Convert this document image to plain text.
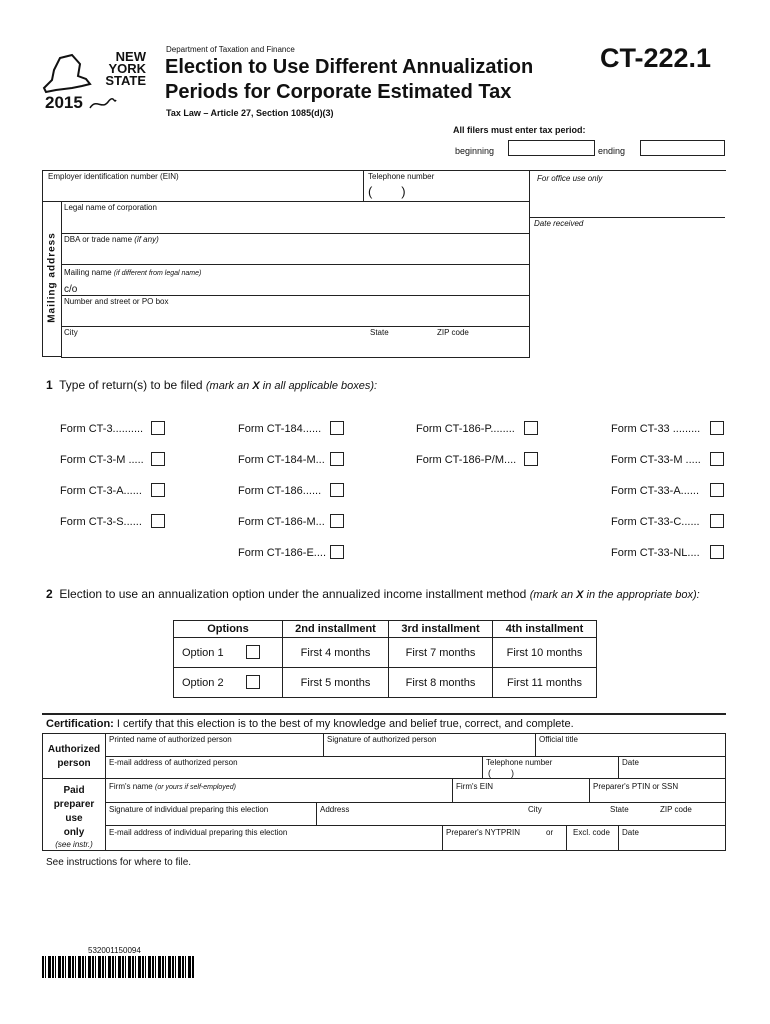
NEW
YORK
STATE
2015
Department of Taxation and Finance
Election to Use Different Annualization
Periods for Corporate Estimated Tax
CT-222.1
Tax Law – Article 27, Section 1085(d)(3)
All filers must enter tax period:
beginning	ending
Employer identification number (EIN)	Telephone number
(        )
For office use only
Date received
Mailing address
Legal name of corporation
DBA or trade name (if any)
Mailing name (if different from legal name)
c/o
Number and street or PO box
City	State	ZIP code
1 Type of return(s) to be filed (mark an X in all applicable boxes):
Form CT-3..........
Form CT-3-M .....
Form CT-3-A......
Form CT-3-S......
Form CT-184......
Form CT-184-M...
Form CT-186......
Form CT-186-M...
Form CT-186-E....
Form CT-186-P........
Form CT-186-P/M....
Form CT-33 .........
Form CT-33-M .....
Form CT-33-A......
Form CT-33-C......
Form CT-33-NL....
2 Election to use an annualization option under the annualized income installment method (mark an X in the appropriate box):
Options	2nd installment	3rd installment	4th installment
Option 1	First 4 months	First 7 months	First 10 months
Option 2	First 5 months	First 8 months	First 11 months
Certification: I certify that this election is to the best of my knowledge and belief true, correct, and complete.
Authorized
person
Printed name of authorized person	Signature of authorized person	Official title
E-mail address of authorized person	Telephone number
(        )
Date
Paid
preparer
use
only
(see instr.)
Firm's name (or yours if self-employed)	Firm's EIN	Preparer's PTIN or SSN
Signature of individual preparing this election	Address	City	State	ZIP code
E-mail address of individual preparing this election	Preparer's NYTPRIN	or Excl. code Date
See instructions for where to file.
532001150094
